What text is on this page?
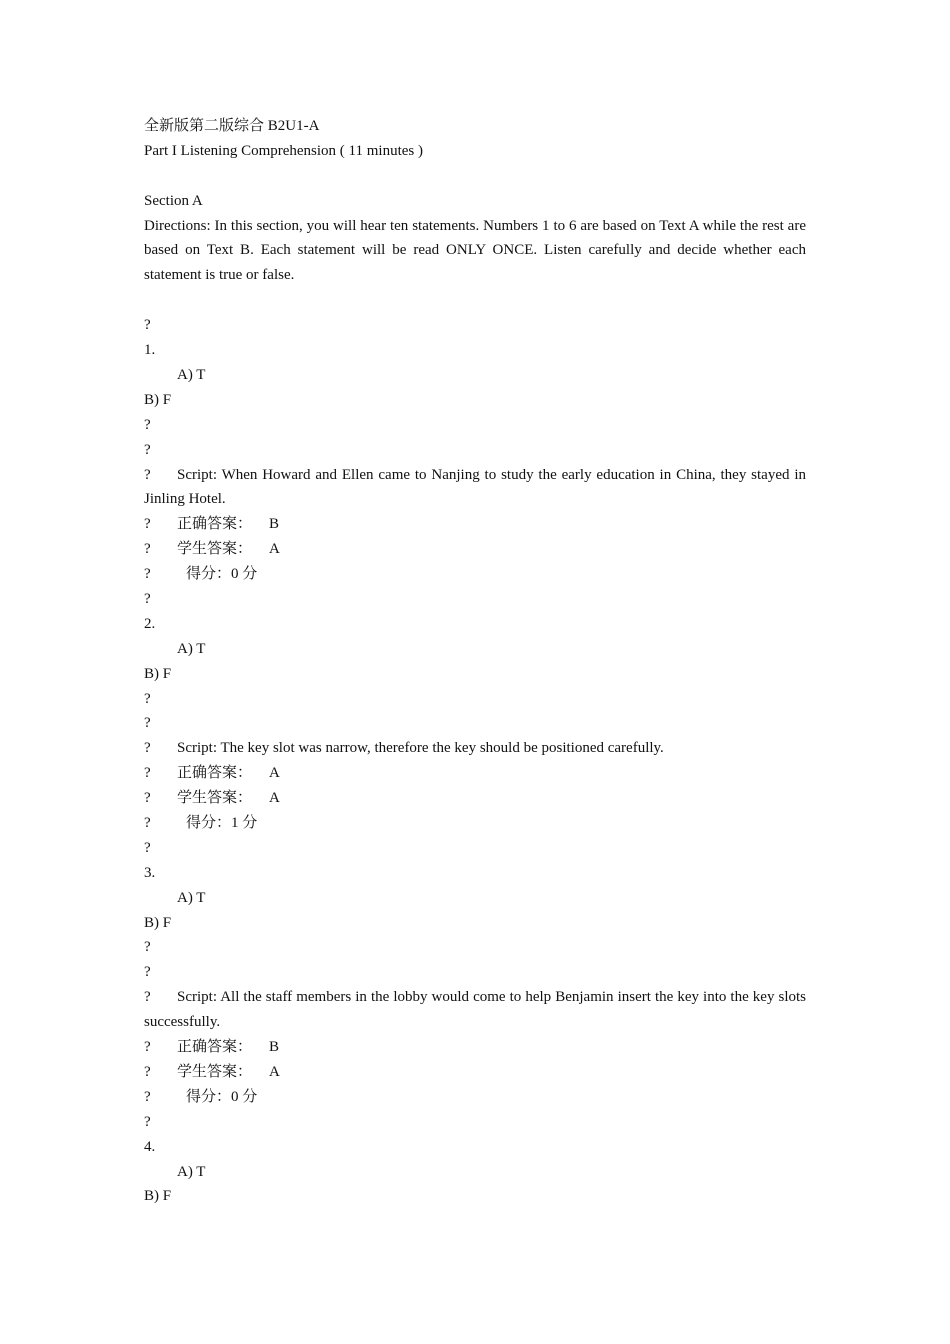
全新版第二版综合 B2U1-A
Part I Listening Comprehension ( 11 minutes )
Section A
Directions: In this section, you will hear ten statements. Numbers 1 to 6 are based on Text A while the rest are based on Text B. Each statement will be read ONLY ONCE. Listen carefully and decide whether each statement is true or false.
?
1.
A) T
B) F
?
?
? Script: When Howard and Ellen came to Nanjing to study the early education in China, they stayed in Jinling Hotel.
? 正确答案： B
? 学生答案： A
? 得分：0 分
?
2.
A) T
B) F
?
?
? Script: The key slot was narrow, therefore the key should be positioned carefully.
? 正确答案： A
? 学生答案： A
? 得分：1 分
?
3.
A) T
B) F
?
?
? Script: All the staff members in the lobby would come to help Benjamin insert the key into the key slots successfully.
? 正确答案： B
? 学生答案： A
? 得分：0 分
?
4.
A) T
B) F
